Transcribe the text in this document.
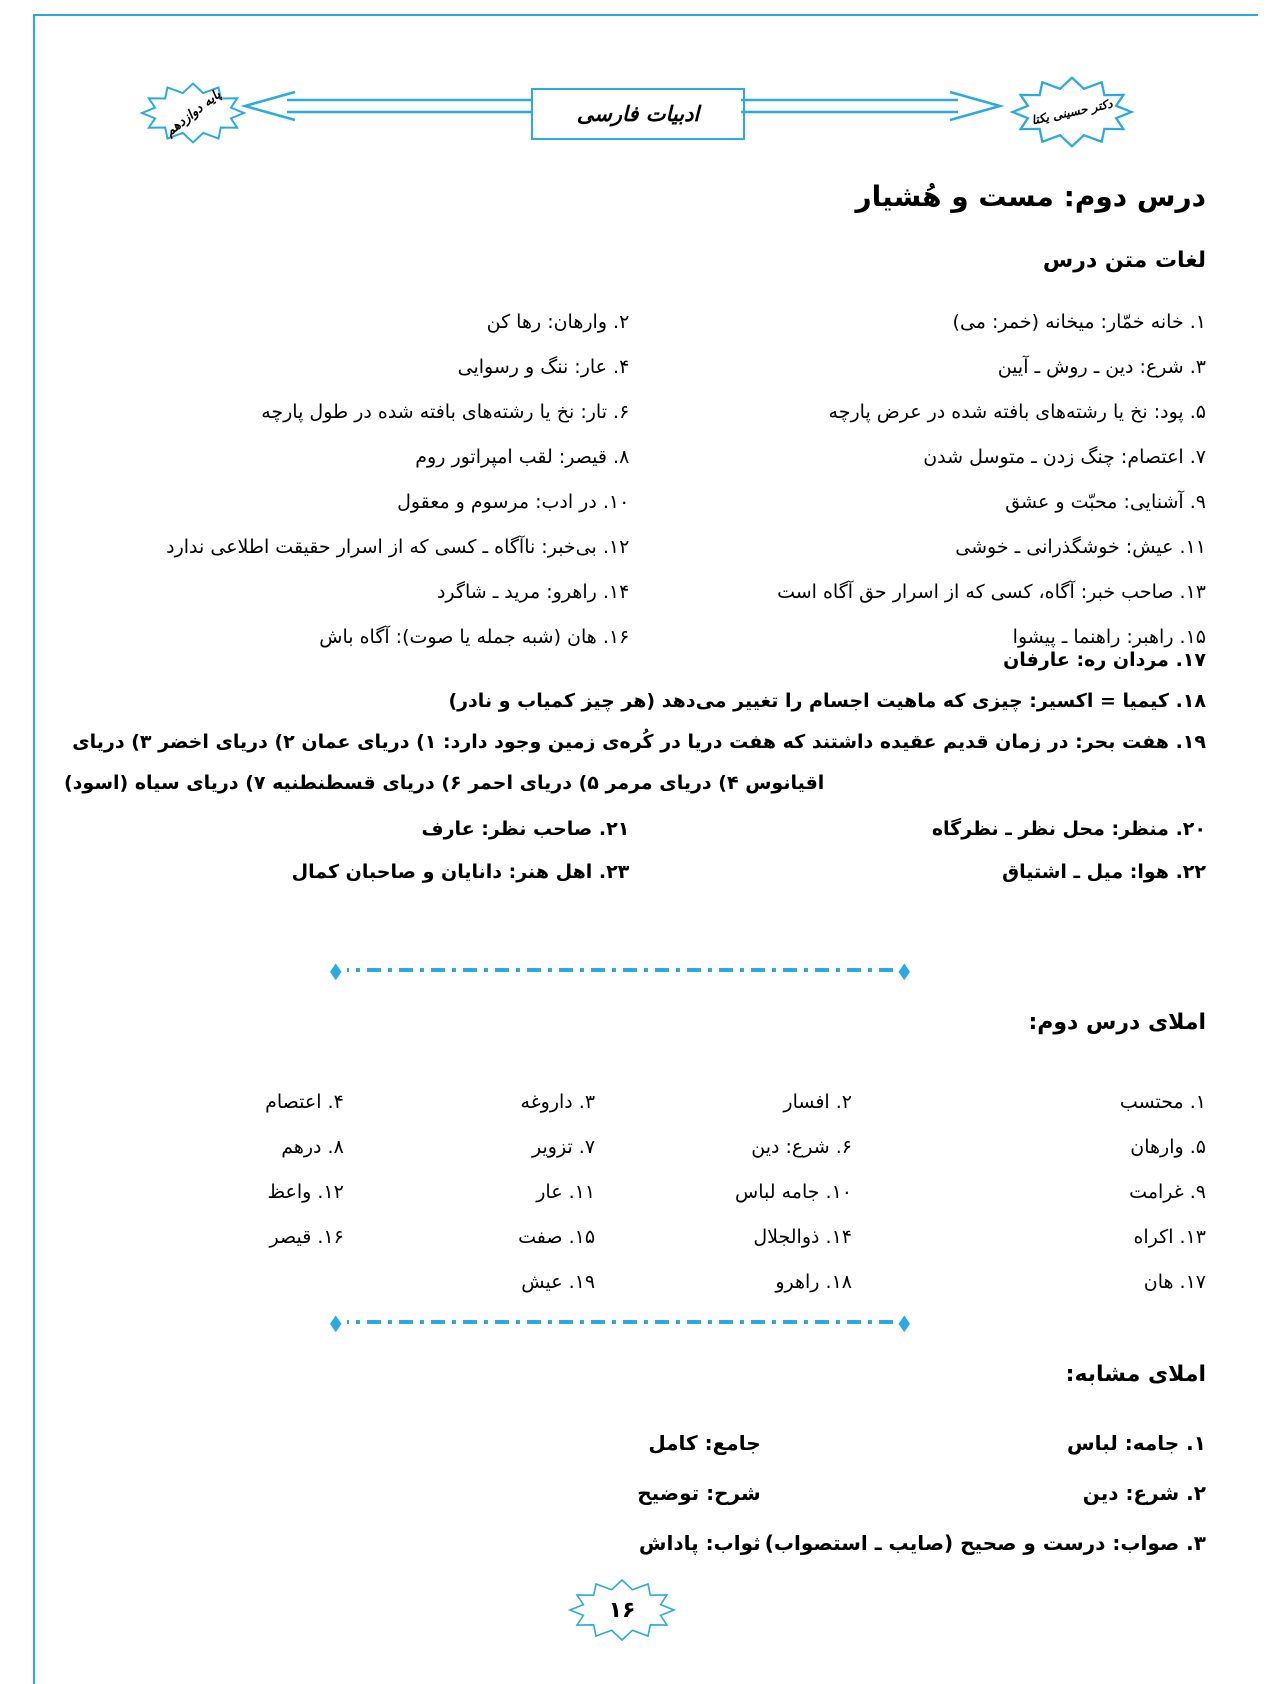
پایه دوازدهم	ادبیات فارسی	دکتر حسینی یکتا
درس دوم: مست و هُشیار
لغات متن درس
۱. خانه خمّار: میخانه (خمر: می)
۲. وارهان: رها کن
۳. شرع: دین ـ روش ـ آیین
۴. عار: ننگ و رسوایی
۵. پود: نخ یا رشته‌های بافته شده در عرض پارچه
۶. تار: نخ یا رشته‌های بافته شده در طول پارچه
۷. اعتصام: چنگ زدن ـ متوسل شدن
۸. قیصر: لقب امپراتور روم
۹. آشنایی: محبّت و عشق
۱۰. در ادب: مرسوم و معقول
۱۱. عیش: خوشگذرانی ـ خوشی
۱۲. بی‌خبر: ناآگاه ـ کسی که از اسرار حقیقت اطلاعی ندارد
۱۳. صاحب خبر: آگاه، کسی که از اسرار حق آگاه است
۱۴. راهرو: مرید ـ شاگرد
۱۵. راهبر: راهنما ـ پیشوا
۱۶. هان (شبه جمله یا صوت): آگاه باش
۱۷. مردان ره: عارفان
۱۸. کیمیا = اکسیر: چیزی که ماهیت اجسام را تغییر می‌دهد (هر چیز کمیاب و نادر)
۱۹. هفت بحر: در زمان قدیم عقیده داشتند که هفت دریا در کُره‌ی زمین وجود دارد: ۱) دریای عمان ۲) دریای اخضر ۳) دریای
اقیانوس ۴) دریای مرمر ۵) دریای احمر ۶) دریای قسطنطنیه ۷) دریای سیاه (اسود)
۲۰. منظر: محل نظر ـ نظرگاه
۲۱. صاحب نظر: عارف
۲۲. هوا: میل ـ اشتیاق
۲۳. اهل هنر: دانایان و صاحبان کمال
◆
◆
املای درس دوم:
۱. محتسب
۲. افسار
۳. داروغه
۴. اعتصام
۵. وارهان
۶. شرع: دین
۷. تزویر
۸. درهم
۹. غرامت
۱۰. جامه لباس
۱۱. عار
۱۲. واعظ
۱۳. اکراه
۱۴. ذوالجلال
۱۵. صفت
۱۶. قیصر
۱۷. هان
۱۸. راهرو
۱۹. عیش
◆
◆
املای مشابه:
۱. جامه: لباس
جامع: کامل
۲. شرع: دین
شرح: توضیح
۳. صواب: درست و صحیح (صایب ـ استصواب)
ثواب: پاداش
۱۶
